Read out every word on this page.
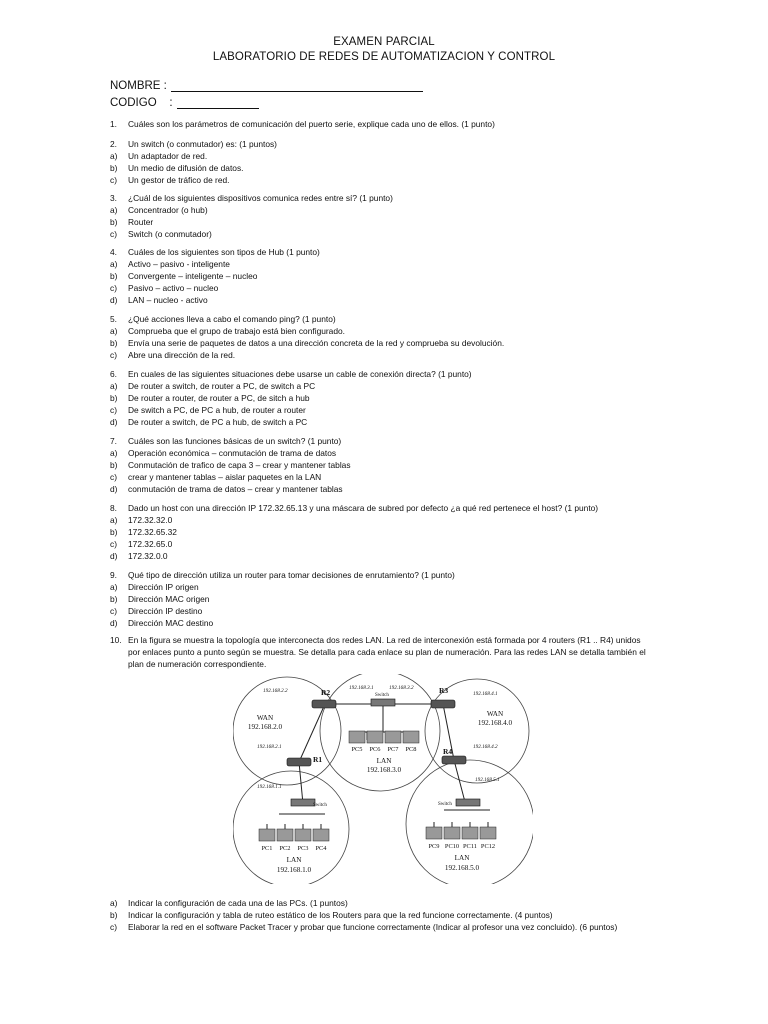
EXAMEN PARCIAL
LABORATORIO DE REDES DE AUTOMATIZACION Y CONTROL
NOMBRE :
CODIGO    :
1.	Cuáles son los parámetros de comunicación del puerto serie, explique cada uno de ellos. (1 punto)
2.	Un switch (o conmutador) es: (1 puntos)
a)	Un adaptador de red.
b)	Un medio de difusión de datos.
c)	Un gestor de tráfico de red.
3.	¿Cuál de los siguientes dispositivos comunica redes entre sí? (1 punto)
a)	Concentrador (o hub)
b)	Router
c)	Switch (o conmutador)
4.	Cuáles de los siguientes son tipos de Hub (1 punto)
a)	Activo – pasivo - inteligente
b)	Convergente – inteligente – nucleo
c)	Pasivo – activo – nucleo
d)	LAN – nucleo - activo
5.	¿Qué acciones lleva a cabo el comando ping? (1 punto)
a)	Comprueba que el grupo de trabajo está bien configurado.
b)	Envía una serie de paquetes de datos a una dirección concreta de la red y comprueba su devolución.
c)	Abre una dirección de la red.
6.	En cuales de las siguientes situaciones debe usarse un cable de conexión directa? (1 punto)
a)	De router a switch, de router a PC, de switch a PC
b)	De router a router, de router a PC, de sitch a hub
c)	De switch a PC, de PC a hub, de router a router
d)	De router a switch, de PC a hub, de switch a PC
7.	Cuáles son las funciones básicas de un switch? (1 punto)
a)	Operación económica – conmutación de trama de datos
b)	Conmutación de trafico de capa 3 – crear y mantener tablas
c)	crear y mantener tablas – aislar paquetes en la LAN
d)	conmutación de trama de datos – crear y mantener tablas
8.	Dado un host con una dirección IP 172.32.65.13 y una máscara de subred por defecto ¿a qué red pertenece el host? (1 punto)
a)	172.32.32.0
b)	172.32.65.32
c)	172.32.65.0
d)	172.32.0.0
9.	Qué tipo de dirección utiliza un router para tomar decisiones de enrutamiento? (1 punto)
a)	Dirección IP origen
b)	Dirección MAC origen
c)	Dirección IP destino
d)	Dirección MAC destino
10. En la figura se muestra la topología que interconecta dos redes LAN. La red de interconexión está formada por 4 routers (R1 .. R4) unidos por enlaces punto a punto según se muestra. Se detalla para cada enlace su plan de numeración. Para las redes LAN se detalla también el plan de numeración correspondiente.
a)	Indicar la configuración de cada una de las PCs. (1 puntos)
b)	Indicar la configuración y tabla de ruteo estático de los Routers para que la red funcione correctamente. (4 puntos)
c)	Elaborar la red en el software Packet Tracer y probar que funcione correctamente (Indicar al profesor una vez concluido). (6 puntos)
R2	R3
R1
R4
192.168.2.2	192.168.3.1	192.168.3.2
192.168.4.1
192.168.2.1	192.168.4.2
192.168.1.1
192.168.5.1
Switch
Switch	Switch
WAN
192.168.2.0
WAN
192.168.4.0
LAN
192.168.3.0
LAN
192.168.1.0
LAN
192.168.5.0
PC5 PC6 PC7 PC8
PC1 PC2 PC3 PC4	PC9 PC10 PC11 PC12
